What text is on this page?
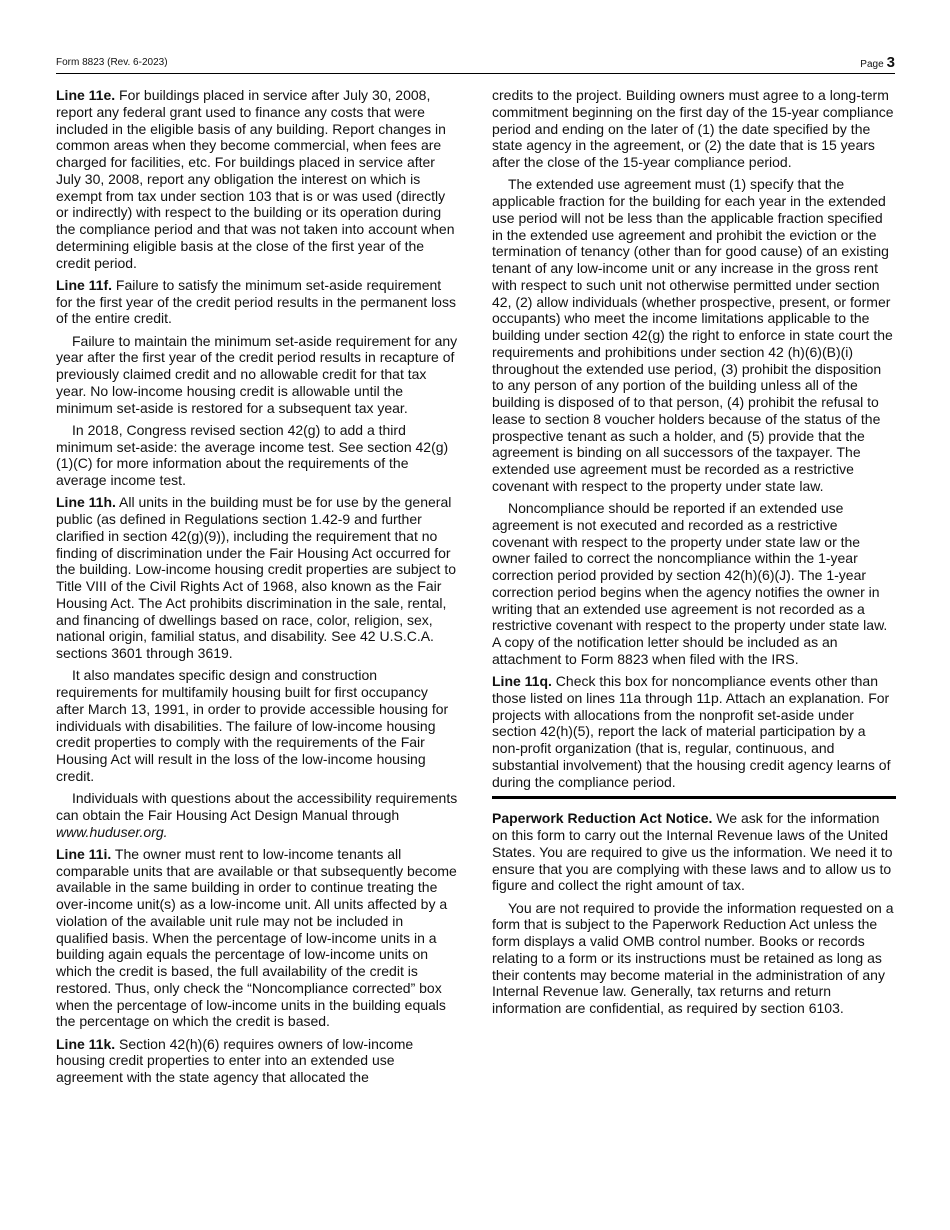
Form 8823 (Rev. 6-2023)	Page 3

Line 11e. For buildings placed in service after July 30, 2008, report any federal grant used to finance any costs that were included in the eligible basis of any building. Report changes in common areas when they become commercial, when fees are charged for facilities, etc. For buildings placed in service after July 30, 2008, report any obligation the interest on which is exempt from tax under section 103 that is or was used (directly or indirectly) with respect to the building or its operation during the compliance period and that was not taken into account when determining eligible basis at the close of the first year of the credit period.

Line 11f. Failure to satisfy the minimum set-aside requirement for the first year of the credit period results in the permanent loss of the entire credit.

Failure to maintain the minimum set-aside requirement for any year after the first year of the credit period results in recapture of previously claimed credit and no allowable credit for that tax year. No low-income housing credit is allowable until the minimum set-aside is restored for a subsequent tax year.

In 2018, Congress revised section 42(g) to add a third minimum set-aside: the average income test. See section 42(g)(1)(C) for more information about the requirements of the average income test.

Line 11h. All units in the building must be for use by the general public (as defined in Regulations section 1.42-9 and further clarified in section 42(g)(9)), including the requirement that no finding of discrimination under the Fair Housing Act occurred for the building. Low-income housing credit properties are subject to Title VIII of the Civil Rights Act of 1968, also known as the Fair Housing Act. The Act prohibits discrimination in the sale, rental, and financing of dwellings based on race, color, religion, sex, national origin, familial status, and disability. See 42 U.S.C.A. sections 3601 through 3619.

It also mandates specific design and construction requirements for multifamily housing built for first occupancy after March 13, 1991, in order to provide accessible housing for individuals with disabilities. The failure of low-income housing credit properties to comply with the requirements of the Fair Housing Act will result in the loss of the low-income housing credit.

Individuals with questions about the accessibility requirements can obtain the Fair Housing Act Design Manual through www.huduser.org.

Line 11i. The owner must rent to low-income tenants all comparable units that are available or that subsequently become available in the same building in order to continue treating the over-income unit(s) as a low-income unit. All units affected by a violation of the available unit rule may not be included in qualified basis. When the percentage of low-income units in a building again equals the percentage of low-income units on which the credit is based, the full availability of the credit is restored. Thus, only check the “Noncompliance corrected” box when the percentage of low-income units in the building equals the percentage on which the credit is based.

Line 11k. Section 42(h)(6) requires owners of low-income housing credit properties to enter into an extended use agreement with the state agency that allocated the

credits to the project. Building owners must agree to a long-term commitment beginning on the first day of the 15-year compliance period and ending on the later of (1) the date specified by the state agency in the agreement, or (2) the date that is 15 years after the close of the 15-year compliance period.

The extended use agreement must (1) specify that the applicable fraction for the building for each year in the extended use period will not be less than the applicable fraction specified in the extended use agreement and prohibit the eviction or the termination of tenancy (other than for good cause) of an existing tenant of any low-income unit or any increase in the gross rent with respect to such unit not otherwise permitted under section 42, (2) allow individuals (whether prospective, present, or former occupants) who meet the income limitations applicable to the building under section 42(g) the right to enforce in state court the requirements and prohibitions under section 42 (h)(6)(B)(i) throughout the extended use period, (3) prohibit the disposition to any person of any portion of the building unless all of the building is disposed of to that person, (4) prohibit the refusal to lease to section 8 voucher holders because of the status of the prospective tenant as such a holder, and (5) provide that the agreement is binding on all successors of the taxpayer. The extended use agreement must be recorded as a restrictive covenant with respect to the property under state law.

Noncompliance should be reported if an extended use agreement is not executed and recorded as a restrictive covenant with respect to the property under state law or the owner failed to correct the noncompliance within the 1-year correction period provided by section 42(h)(6)(J). The 1-year correction period begins when the agency notifies the owner in writing that an extended use agreement is not recorded as a restrictive covenant with respect to the property under state law. A copy of the notification letter should be included as an attachment to Form 8823 when filed with the IRS.

Line 11q. Check this box for noncompliance events other than those listed on lines 11a through 11p. Attach an explanation. For projects with allocations from the nonprofit set-aside under section 42(h)(5), report the lack of material participation by a non-profit organization (that is, regular, continuous, and substantial involvement) that the housing credit agency learns of during the compliance period.

Paperwork Reduction Act Notice. We ask for the information on this form to carry out the Internal Revenue laws of the United States. You are required to give us the information. We need it to ensure that you are complying with these laws and to allow us to figure and collect the right amount of tax.

You are not required to provide the information requested on a form that is subject to the Paperwork Reduction Act unless the form displays a valid OMB control number. Books or records relating to a form or its instructions must be retained as long as their contents may become material in the administration of any Internal Revenue law. Generally, tax returns and return information are confidential, as required by section 6103.
